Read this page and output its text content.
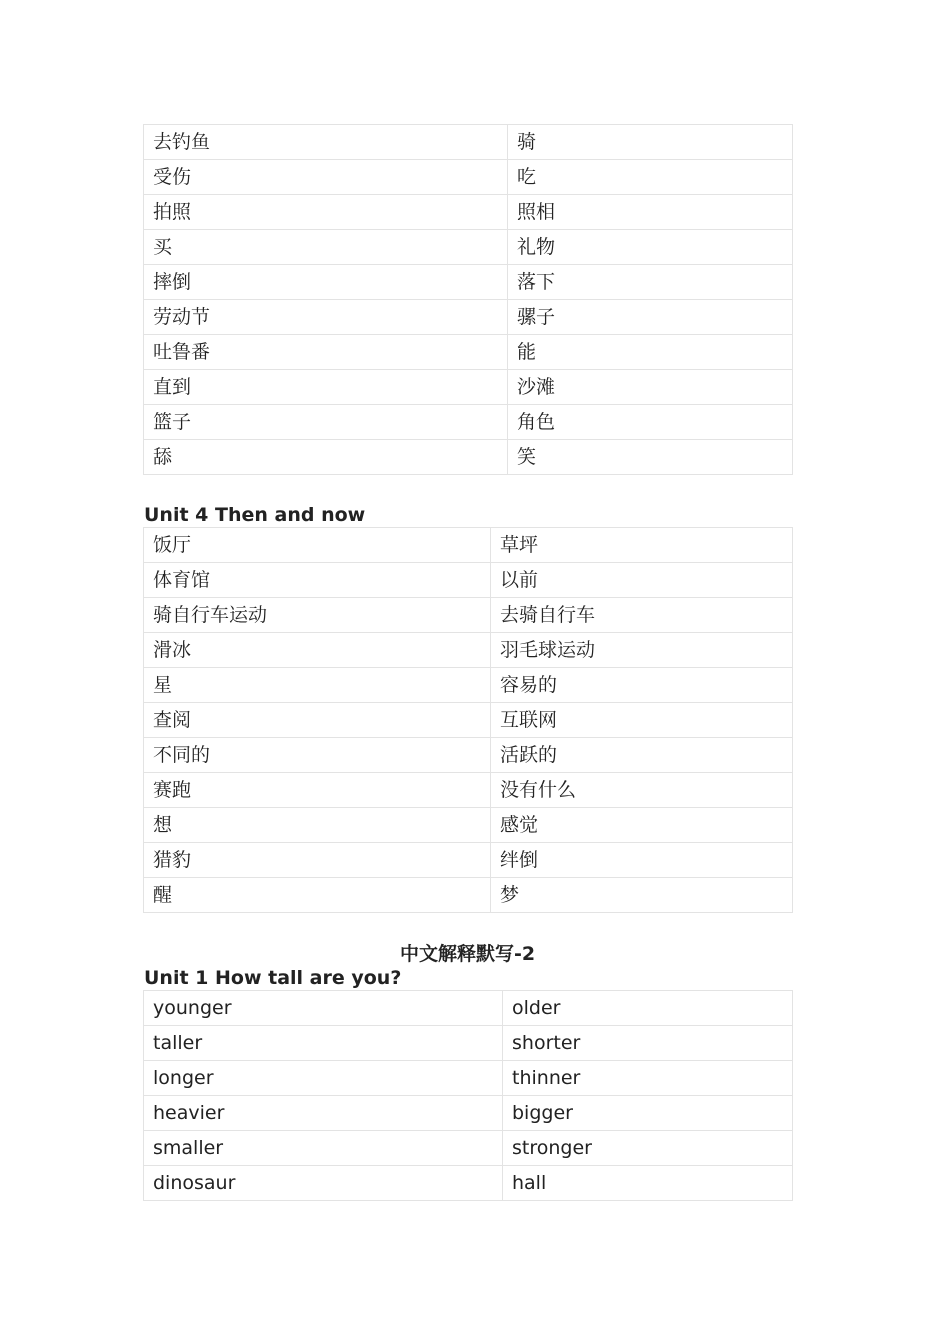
去钓鱼	骑
受伤	吃
拍照	照相
买	礼物
摔倒	落下
劳动节	骡子
吐鲁番	能
直到	沙滩
篮子	角色
舔	笑

Unit 4 Then and now

饭厅	草坪
体育馆	以前
骑自行车运动	去骑自行车
滑冰	羽毛球运动
星	容易的
查阅	互联网
不同的	活跃的
赛跑	没有什么
想	感觉
猎豹	绊倒
醒	梦

中文解释默写-2

Unit 1 How tall are you?

younger	older
taller	shorter
longer	thinner
heavier	bigger
smaller	stronger
dinosaur	hall
